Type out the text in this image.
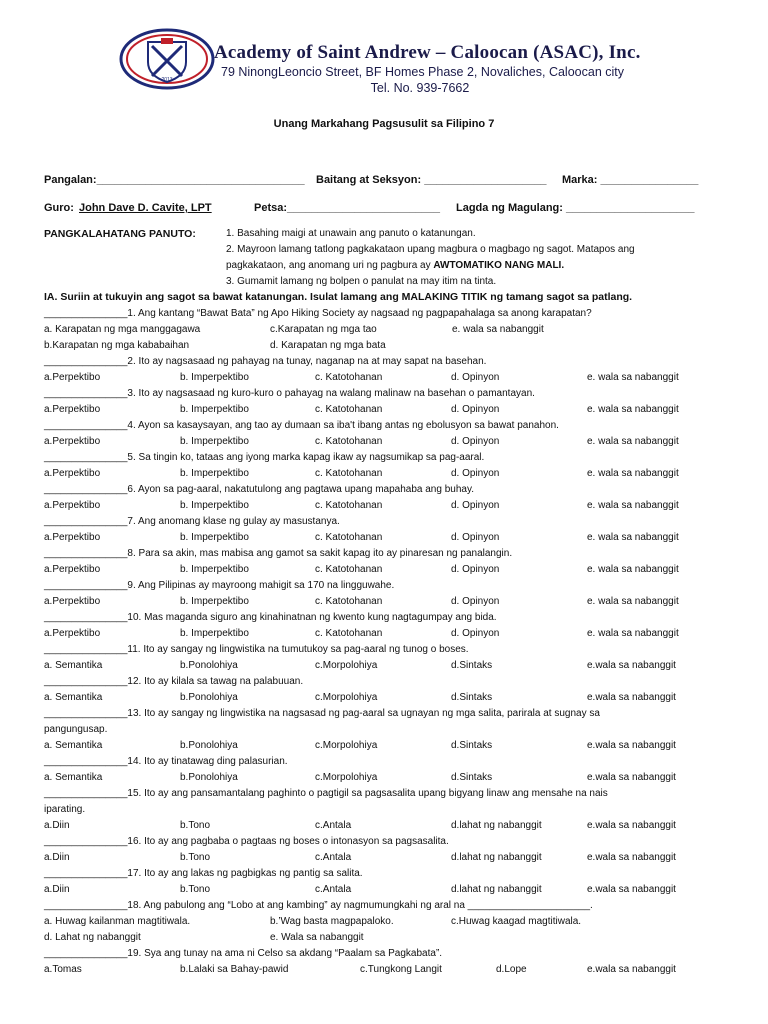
2013
Academy of Saint Andrew – Caloocan (ASAC), Inc.
79 NinongLeoncio Street, BF Homes Phase 2, Novaliches, Caloocan city
Tel. No. 939-7662
Unang Markahang Pagsusulit sa Filipino 7
Pangalan:__________________________________ Baitang at Seksyon: ____________________ Marka: ________________
Guro: John Dave D. Cavite, LPT	Petsa:_________________________ Lagda ng Magulang: _____________________
PANGKALAHATANG PANUTO:	1. Basahing maigi at unawain ang panuto o katanungan.
2. Mayroon lamang tatlong pagkakataon upang magbura o magbago ng sagot. Matapos ang
pagkakataon, ang anomang uri ng pagbura ay AWTOMATIKO NANG MALI.
3. Gumamit lamang ng bolpen o panulat na may itim na tinta.
IA. Suriin at tukuyin ang sagot sa bawat katanungan. Isulat lamang ang MALAKING TITIK ng tamang sagot sa patlang.
_______________1. Ang kantang “Bawat Bata” ng Apo Hiking Society ay nagsaad ng pagpapahalaga sa anong karapatan?
a. Karapatan ng mga manggagawa	c.Karapatan ng mga tao	e. wala sa nabanggit
b.Karapatan ng mga kababaihan	d. Karapatan ng mga bata
_______________2. Ito ay nagsasaad ng pahayag na tunay, naganap na at may sapat na basehan.
a.Perpektibo	b. Imperpektibo	c. Katotohanan	d. Opinyon	e. wala sa nabanggit
_______________3. Ito ay nagsasaad ng kuro-kuro o pahayag na walang malinaw na basehan o pamantayan.
a.Perpektibo	b. Imperpektibo	c. Katotohanan	d. Opinyon	e. wala sa nabanggit
_______________4. Ayon sa kasaysayan, ang tao ay dumaan sa iba't ibang antas ng ebolusyon sa bawat panahon.
a.Perpektibo	b. Imperpektibo	c. Katotohanan	d. Opinyon	e. wala sa nabanggit
_______________5. Sa tingin ko, tataas ang iyong marka kapag ikaw ay nagsumikap sa pag-aaral.
a.Perpektibo	b. Imperpektibo	c. Katotohanan	d. Opinyon	e. wala sa nabanggit
_______________6. Ayon sa pag-aaral, nakatutulong ang pagtawa upang mapahaba ang buhay.
a.Perpektibo	b. Imperpektibo	c. Katotohanan	d. Opinyon	e. wala sa nabanggit
_______________7. Ang anomang klase ng gulay ay masustanya.
a.Perpektibo	b. Imperpektibo	c. Katotohanan	d. Opinyon	e. wala sa nabanggit
_______________8. Para sa akin, mas mabisa ang gamot sa sakit kapag ito ay pinaresan ng panalangin.
a.Perpektibo	b. Imperpektibo	c. Katotohanan	d. Opinyon	e. wala sa nabanggit
_______________9. Ang Pilipinas ay mayroong mahigit sa 170 na lingguwahe.
a.Perpektibo	b. Imperpektibo	c. Katotohanan	d. Opinyon	e. wala sa nabanggit
_______________10. Mas maganda siguro ang kinahinatnan ng kwento kung nagtagumpay ang bida.
a.Perpektibo	b. Imperpektibo	c. Katotohanan	d. Opinyon	e. wala sa nabanggit
_______________11. Ito ay sangay ng lingwistika na tumutukoy sa pag-aaral ng tunog o boses.
a. Semantika	b.Ponolohiya	c.Morpolohiya	d.Sintaks	e.wala sa nabanggit
_______________12. Ito ay kilala sa tawag na palabuuan.
a. Semantika	b.Ponolohiya	c.Morpolohiya	d.Sintaks	e.wala sa nabanggit
_______________13. Ito ay sangay ng lingwistika na nagsasad ng pag-aaral sa ugnayan ng mga salita, parirala at sugnay sa
pangungusap.
a. Semantika	b.Ponolohiya	c.Morpolohiya	d.Sintaks	e.wala sa nabanggit
_______________14. Ito ay tinatawag ding palasurian.
a. Semantika	b.Ponolohiya	c.Morpolohiya	d.Sintaks	e.wala sa nabanggit
_______________15. Ito ay ang pansamantalang paghinto o pagtigil sa pagsasalita upang bigyang linaw ang mensahe na nais
iparating.
a.Diin	b.Tono	c.Antala	d.lahat ng nabanggit	e.wala sa nabanggit
_______________16. Ito ay ang pagbaba o pagtaas ng boses o intonasyon sa pagsasalita.
a.Diin	b.Tono	c.Antala	d.lahat ng nabanggit	e.wala sa nabanggit
_______________17. Ito ay ang lakas ng pagbigkas ng pantig sa salita.
a.Diin	b.Tono	c.Antala	d.lahat ng nabanggit	e.wala sa nabanggit
_______________18. Ang pabulong ang “Lobo at ang kambing” ay nagmumungkahi ng aral na ______________________.
a. Huwag kailanman magtitiwala.	b.’Wag basta magpapaloko.	c.Huwag kaagad magtitiwala.
d. Lahat ng nabanggit	e. Wala sa nabanggit
_______________19. Sya ang tunay na ama ni Celso sa akdang “Paalam sa Pagkabata”.
a.Tomas	b.Lalaki sa Bahay-pawid	c.Tungkong Langit	d.Lope	e.wala sa nabanggit
